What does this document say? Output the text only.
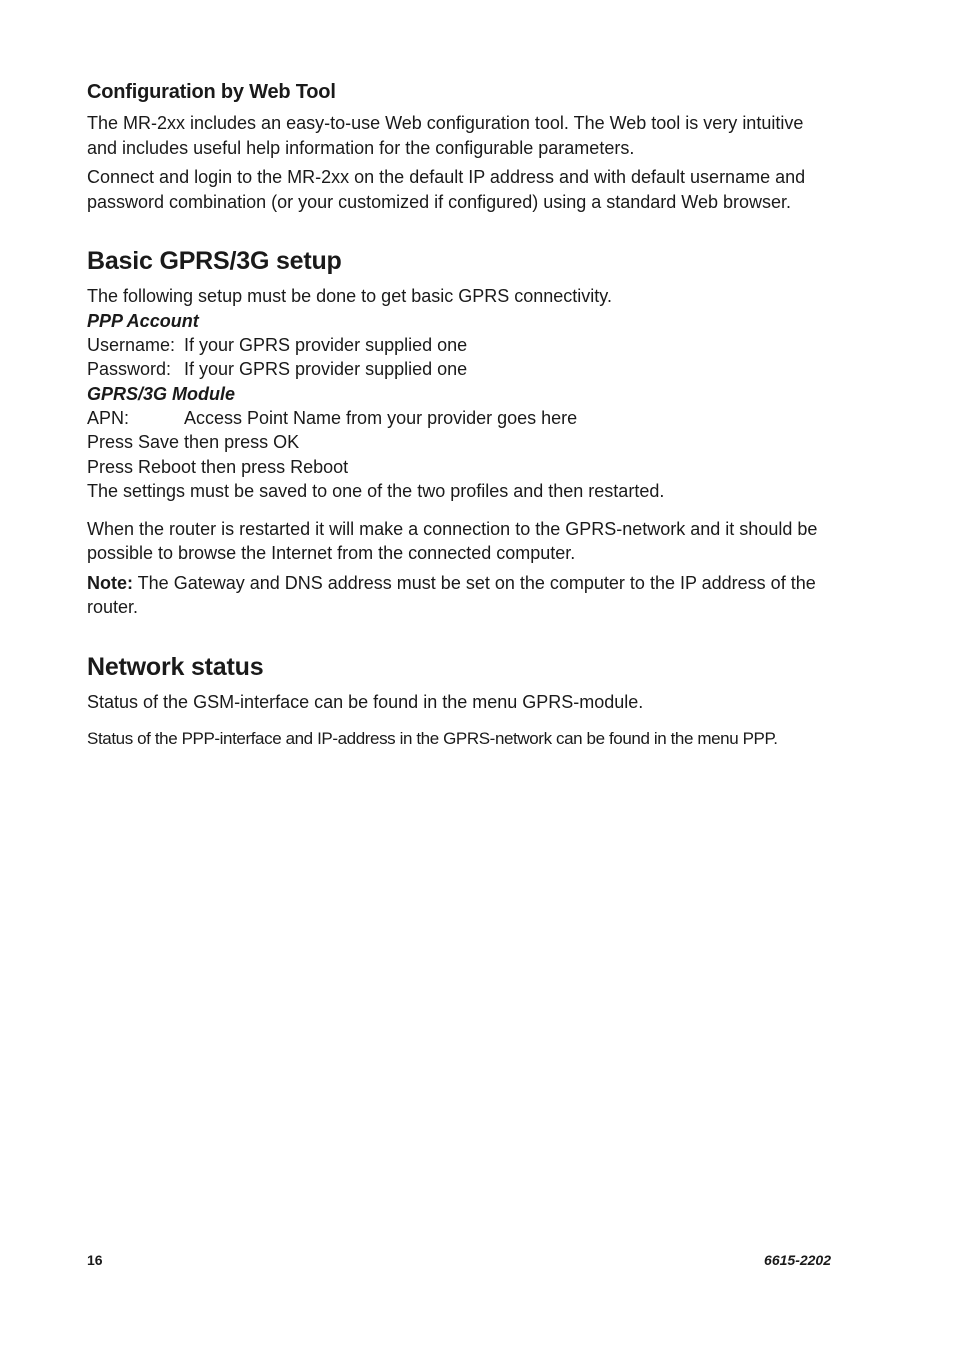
Configuration by Web Tool

The MR-2xx includes an easy-to-use Web configuration tool. The Web tool is very intuitive and includes useful help information for the configurable parameters.

Connect and login to the MR-2xx on the default IP address and with default username and password combination (or your customized if configured) using a standard Web browser.

Basic GPRS/3G setup

The following setup must be done to get basic GPRS connectivity.

PPP Account
Username: If your GPRS provider supplied one
Password: If your GPRS provider supplied one
GPRS/3G Module
APN:	Access Point Name from your provider goes here

Press Save then press OK

Press Reboot then press Reboot

The settings must be saved to one of the two profiles and then restarted.

When the router is restarted it will make a connection to the GPRS-network and it should be possible to browse the Internet from the connected computer.

Note: The Gateway and DNS address must be set on the computer to the IP address of the router.

Network status

Status of the GSM-interface can be found in the menu GPRS-module.

Status of the PPP-interface and IP-address in the GPRS-network can be found in the menu PPP.

16	6615-2202
